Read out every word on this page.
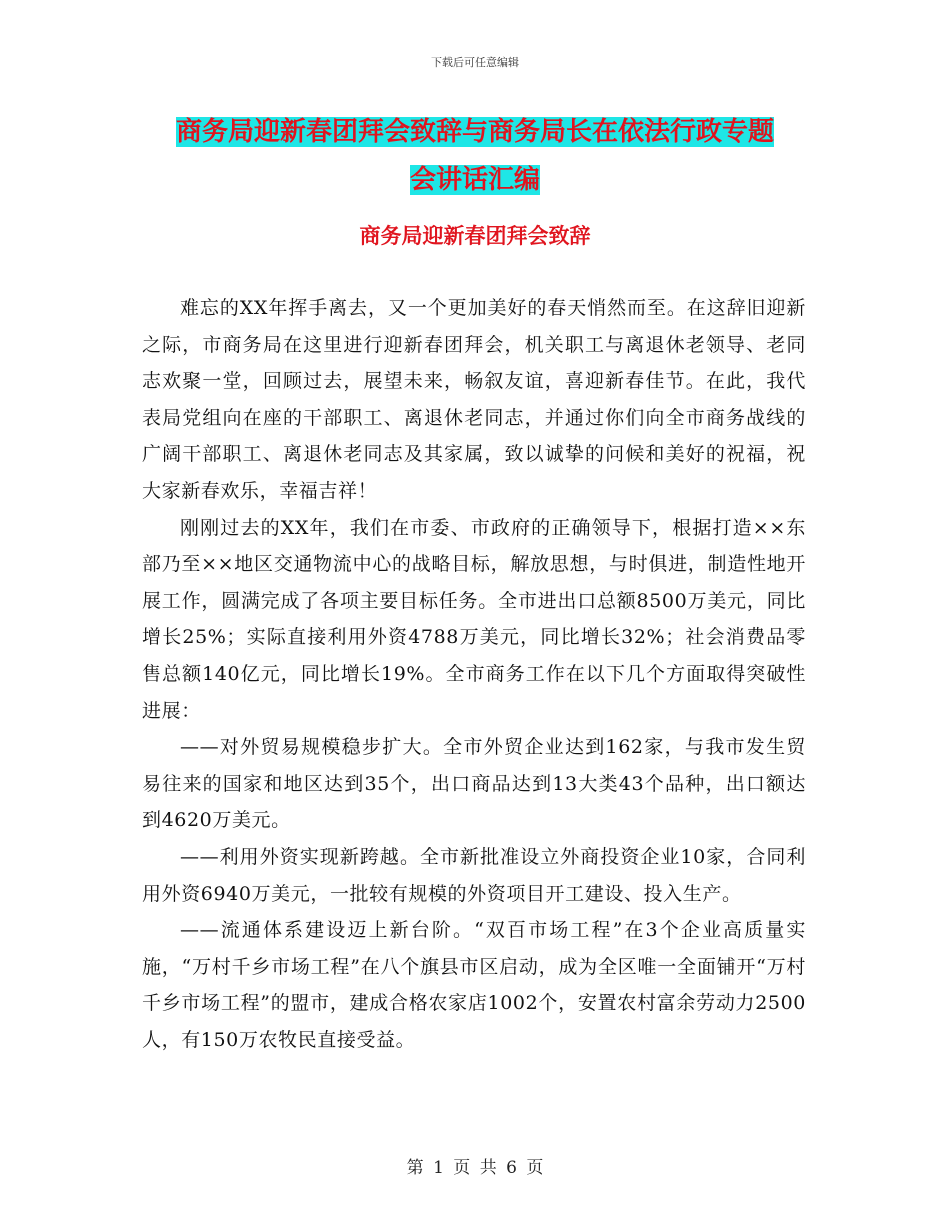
下载后可任意编辑
商务局迎新春团拜会致辞与商务局长在依法行政专题
会讲话汇编
商务局迎新春团拜会致辞

难忘的XX年挥手离去，又一个更加美好的春天悄然而至。在这辞旧迎新之际，市商务局在这里进行迎新春团拜会，机关职工与离退休老领导、老同志欢聚一堂，回顾过去，展望未来，畅叙友谊，喜迎新春佳节。在此，我代表局党组向在座的干部职工、离退休老同志，并通过你们向全市商务战线的广阔干部职工、离退休老同志及其家属，致以诚挚的问候和美好的祝福，祝大家新春欢乐，幸福吉祥！

刚刚过去的XX年，我们在市委、市政府的正确领导下，根据打造××东部乃至××地区交通物流中心的战略目标，解放思想，与时俱进，制造性地开展工作，圆满完成了各项主要目标任务。全市进出口总额8500万美元，同比增长25%；实际直接利用外资4788万美元，同比增长32%；社会消费品零售总额140亿元，同比增长19%。全市商务工作在以下几个方面取得突破性进展：

——对外贸易规模稳步扩大。全市外贸企业达到162家，与我市发生贸易往来的国家和地区达到35个，出口商品达到13大类43个品种，出口额达到4620万美元。

——利用外资实现新跨越。全市新批准设立外商投资企业10家，合同利用外资6940万美元，一批较有规模的外资项目开工建设、投入生产。

——流通体系建设迈上新台阶。“双百市场工程”在3个企业高质量实施，“万村千乡市场工程”在八个旗县市区启动，成为全区唯一全面铺开“万村千乡市场工程”的盟市，建成合格农家店1002个，安置农村富余劳动力2500人，有150万农牧民直接受益。

第 1 页 共 6 页
